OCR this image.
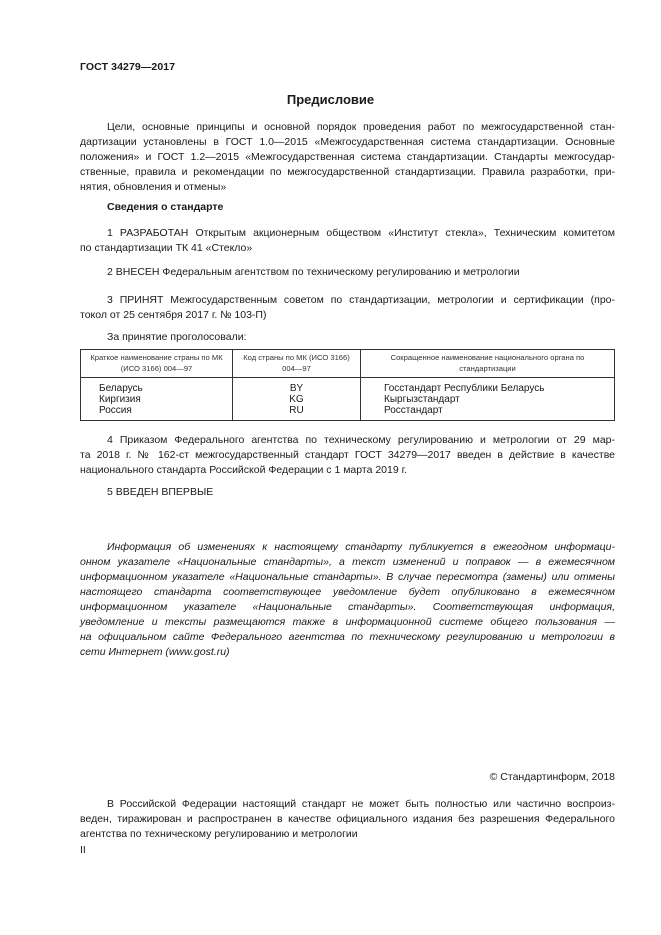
ГОСТ 34279—2017
Предисловие
Цели, основные принципы и основной порядок проведения работ по межгосударственной стан-
дартизации установлены в ГОСТ 1.0—2015 «Межгосударственная система стандартизации. Основные
положения» и ГОСТ 1.2—2015 «Межгосударственная система стандартизации. Стандарты межгосудар-
ственные, правила и рекомендации по межгосударственной стандартизации. Правила разработки, при-
нятия, обновления и отмены»
Сведения о стандарте
1 РАЗРАБОТАН Открытым акционерным обществом «Институт стекла», Техническим комитетом
по стандартизации ТК 41 «Стекло»
2 ВНЕСЕН Федеральным агентством по техническому регулированию и метрологии
3 ПРИНЯТ Межгосударственным советом по стандартизации, метрологии и сертификации (про-
токол от 25 сентября 2017 г. № 103-П)
За принятие проголосовали:
Краткое наименование страны по МК (ИСО 3166) 004—97	Код страны по МК (ИСО 3166) 004—97	Сокращенное наименование национального органа по стандартизации
Беларусь	BY	Госстандарт Республики Беларусь
Киргизия	KG	Кыргызстандарт
Россия	RU	Росстандарт
4 Приказом Федерального агентства по техническому регулированию и метрологии от 29 мар-
та 2018 г. № 162-ст межгосударственный стандарт ГОСТ 34279—2017 введен в действие в качестве
национального стандарта Российской Федерации с 1 марта 2019 г.
5 ВВЕДЕН ВПЕРВЫЕ
Информация об изменениях к настоящему стандарту публикуется в ежегодном информаци-
онном указателе «Национальные стандарты», а текст изменений и поправок — в ежемесячном
информационном указателе «Национальные стандарты». В случае пересмотра (замены) или отмены
настоящего стандарта соответствующее уведомление будет опубликовано в ежемесячном
информационном указателе «Национальные стандарты». Соответствующая информация,
уведомление и тексты размещаются также в информационной системе общего пользования —
на официальном сайте Федерального агентства по техническому регулированию и метрологии в
сети Интернет (www.gost.ru)
© Стандартинформ, 2018
В Российской Федерации настоящий стандарт не может быть полностью или частично воспроиз-
веден, тиражирован и распространен в качестве официального издания без разрешения Федерального
агентства по техническому регулированию и метрологии
II
